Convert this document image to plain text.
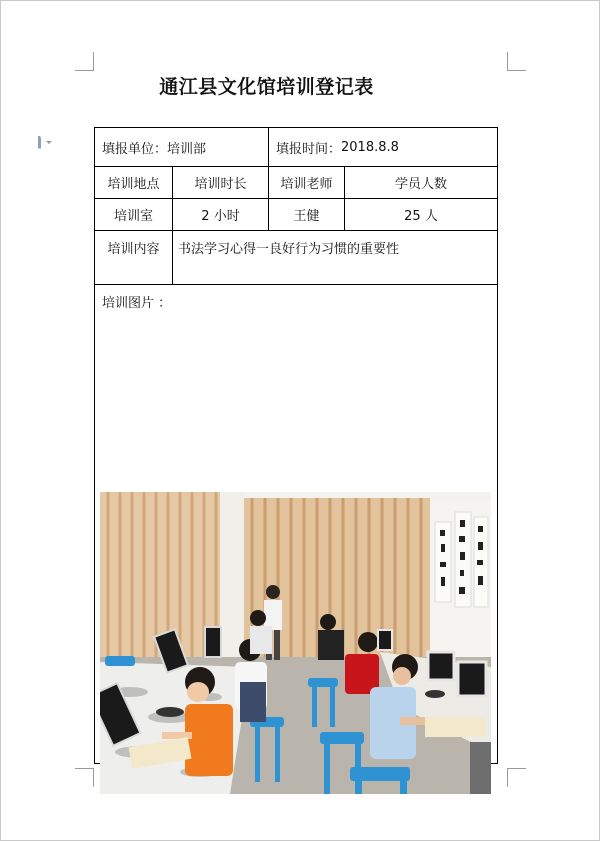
通江县文化馆培训登记表
填报单位： 培训部	填报时间： 2018.8.8
培训地点	培训时长	培训老师	学员人数
培训室	2 小时	王健	25 人
培训内容	书法学习心得一良好行为习惯的重要性
培训图片 ：
